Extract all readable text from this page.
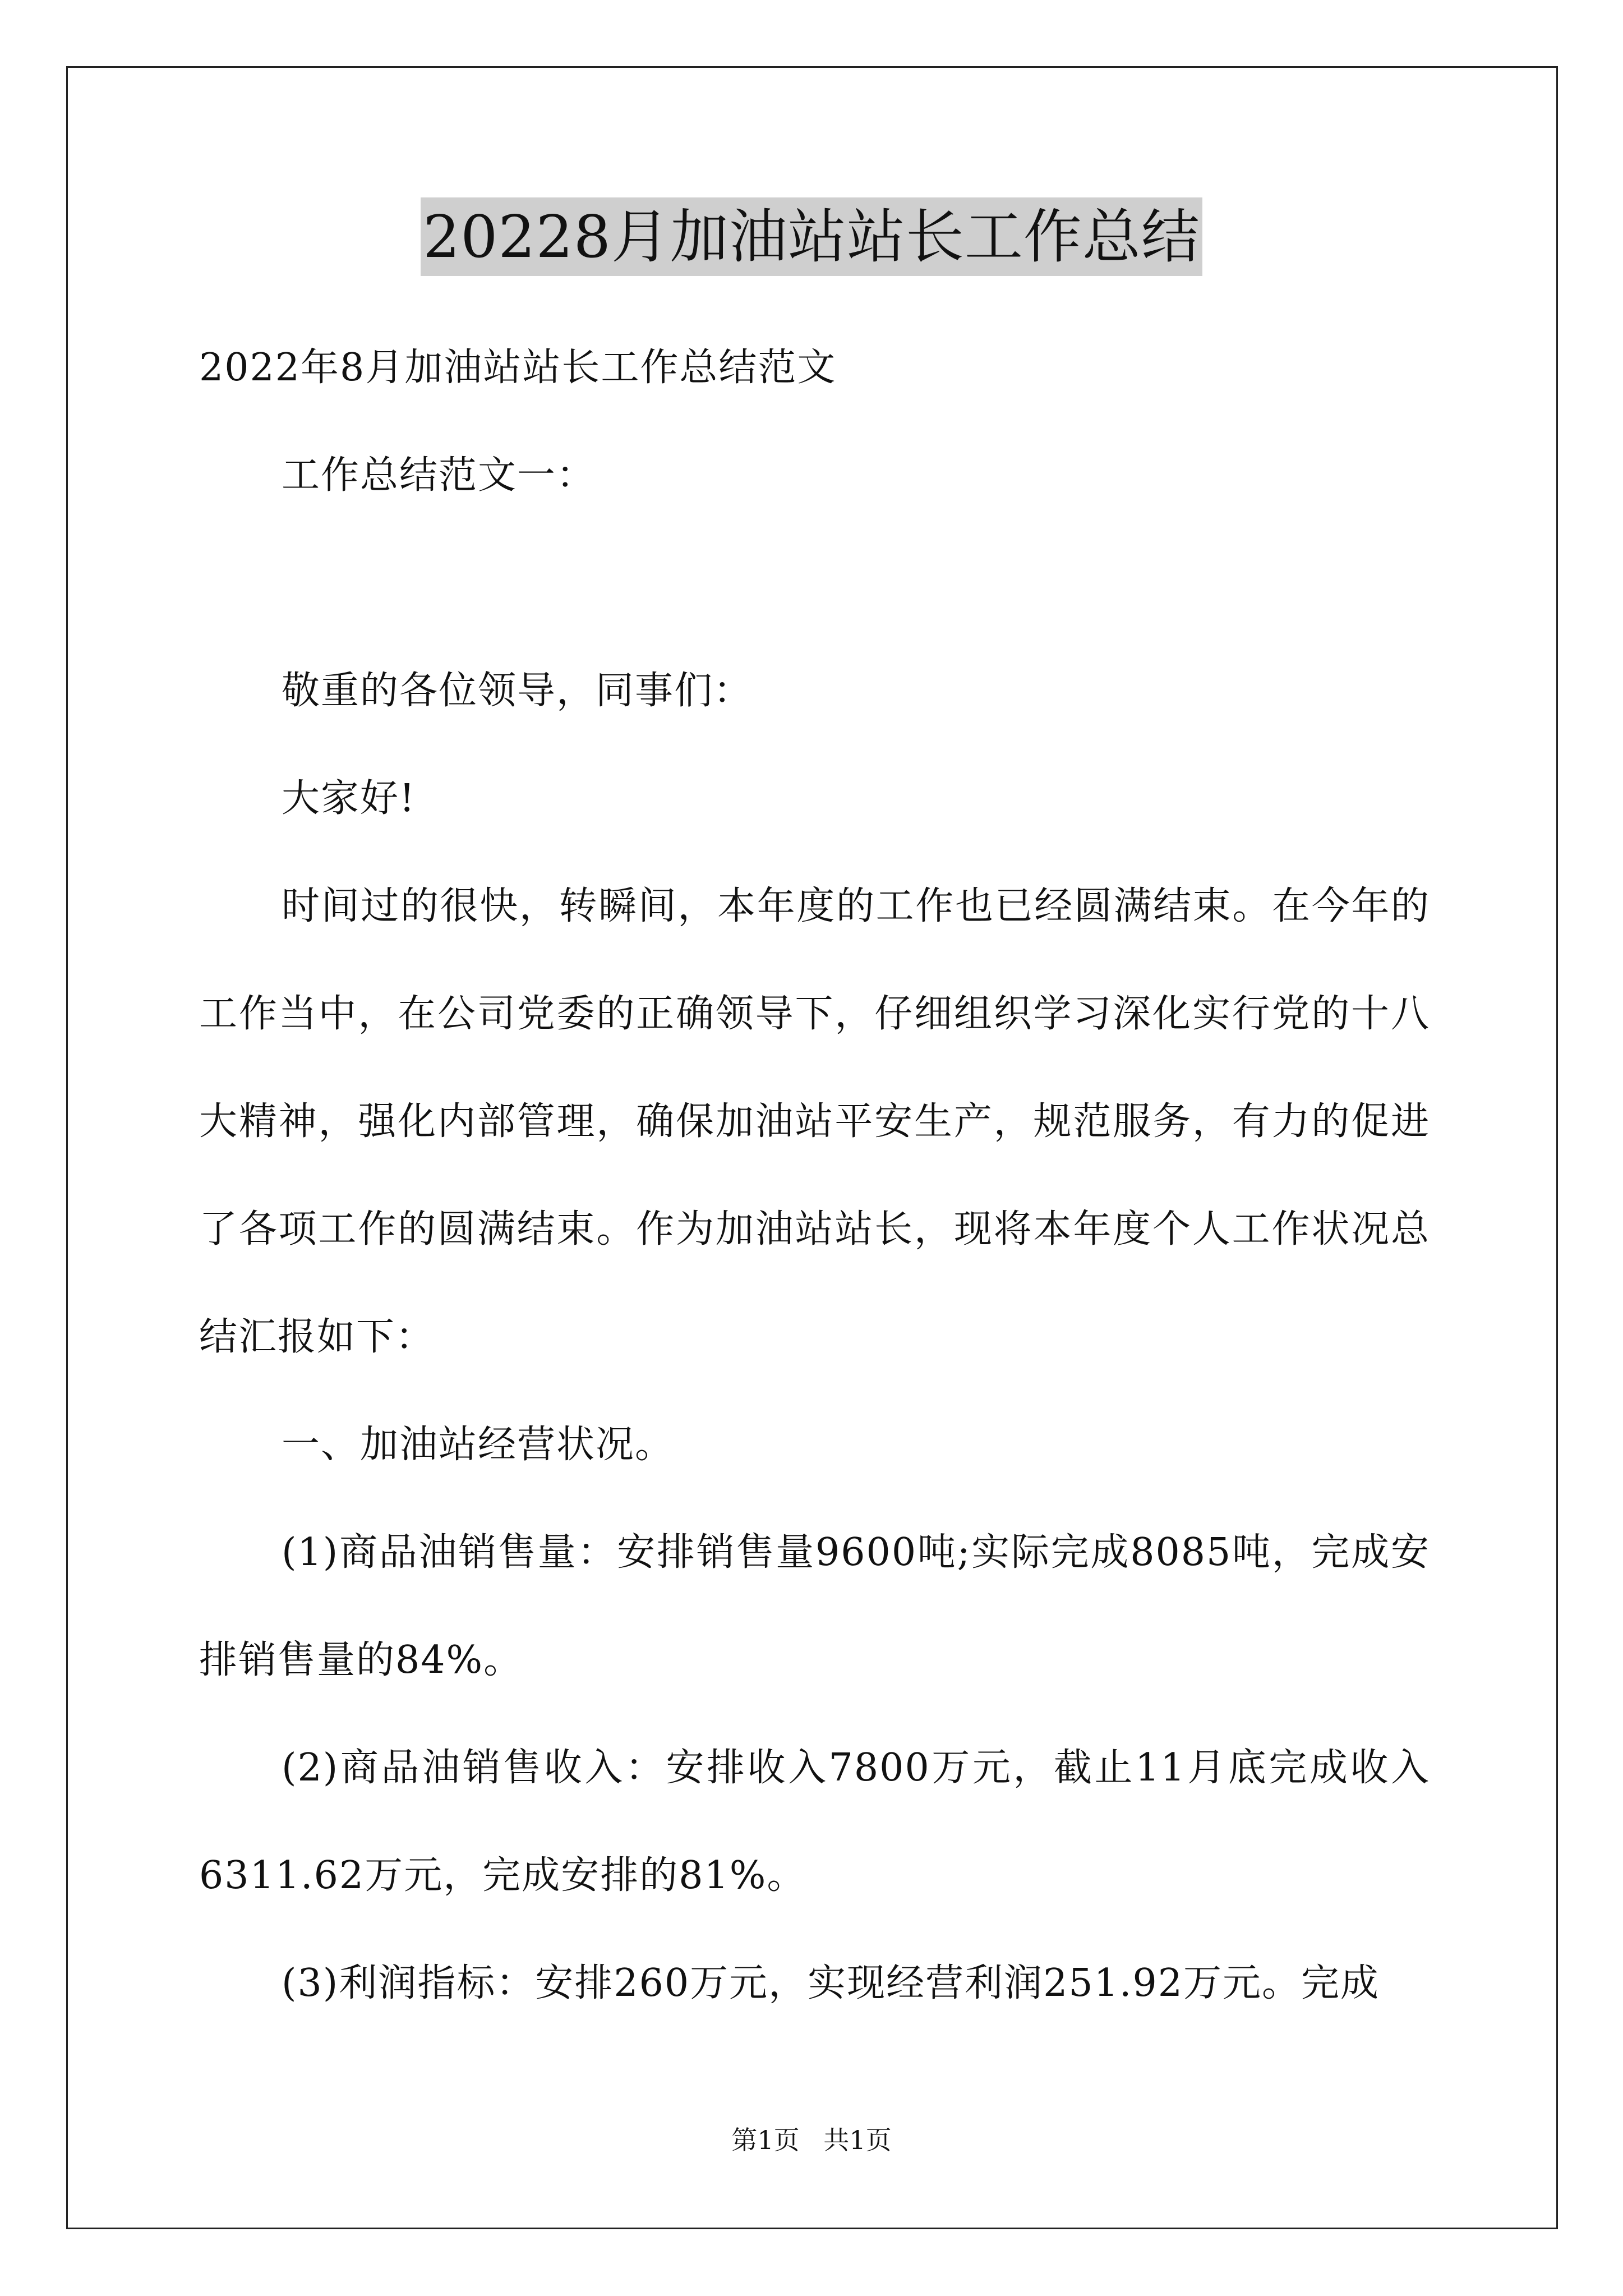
20228月加油站站长工作总结

2022年8月加油站站长工作总结范文

工作总结范文一：

敬重的各位领导，同事们：

大家好!

时间过的很快，转瞬间，本年度的工作也已经圆满结束。在今年的工作当中，在公司党委的正确领导下，仔细组织学习深化实行党的十八大精神，强化内部管理，确保加油站平安生产，规范服务，有力的促进了各项工作的圆满结束。作为加油站站长，现将本年度个人工作状况总结汇报如下：

一、加油站经营状况。

(1)商品油销售量：安排销售量9600吨;实际完成8085吨，完成安排销售量的84%。

(2)商品油销售收入：安排收入7800万元，截止11月底完成收入6311.62万元，完成安排的81%。

(3)利润指标：安排260万元，实现经营利润251.92万元。完成

第1页 共1页
